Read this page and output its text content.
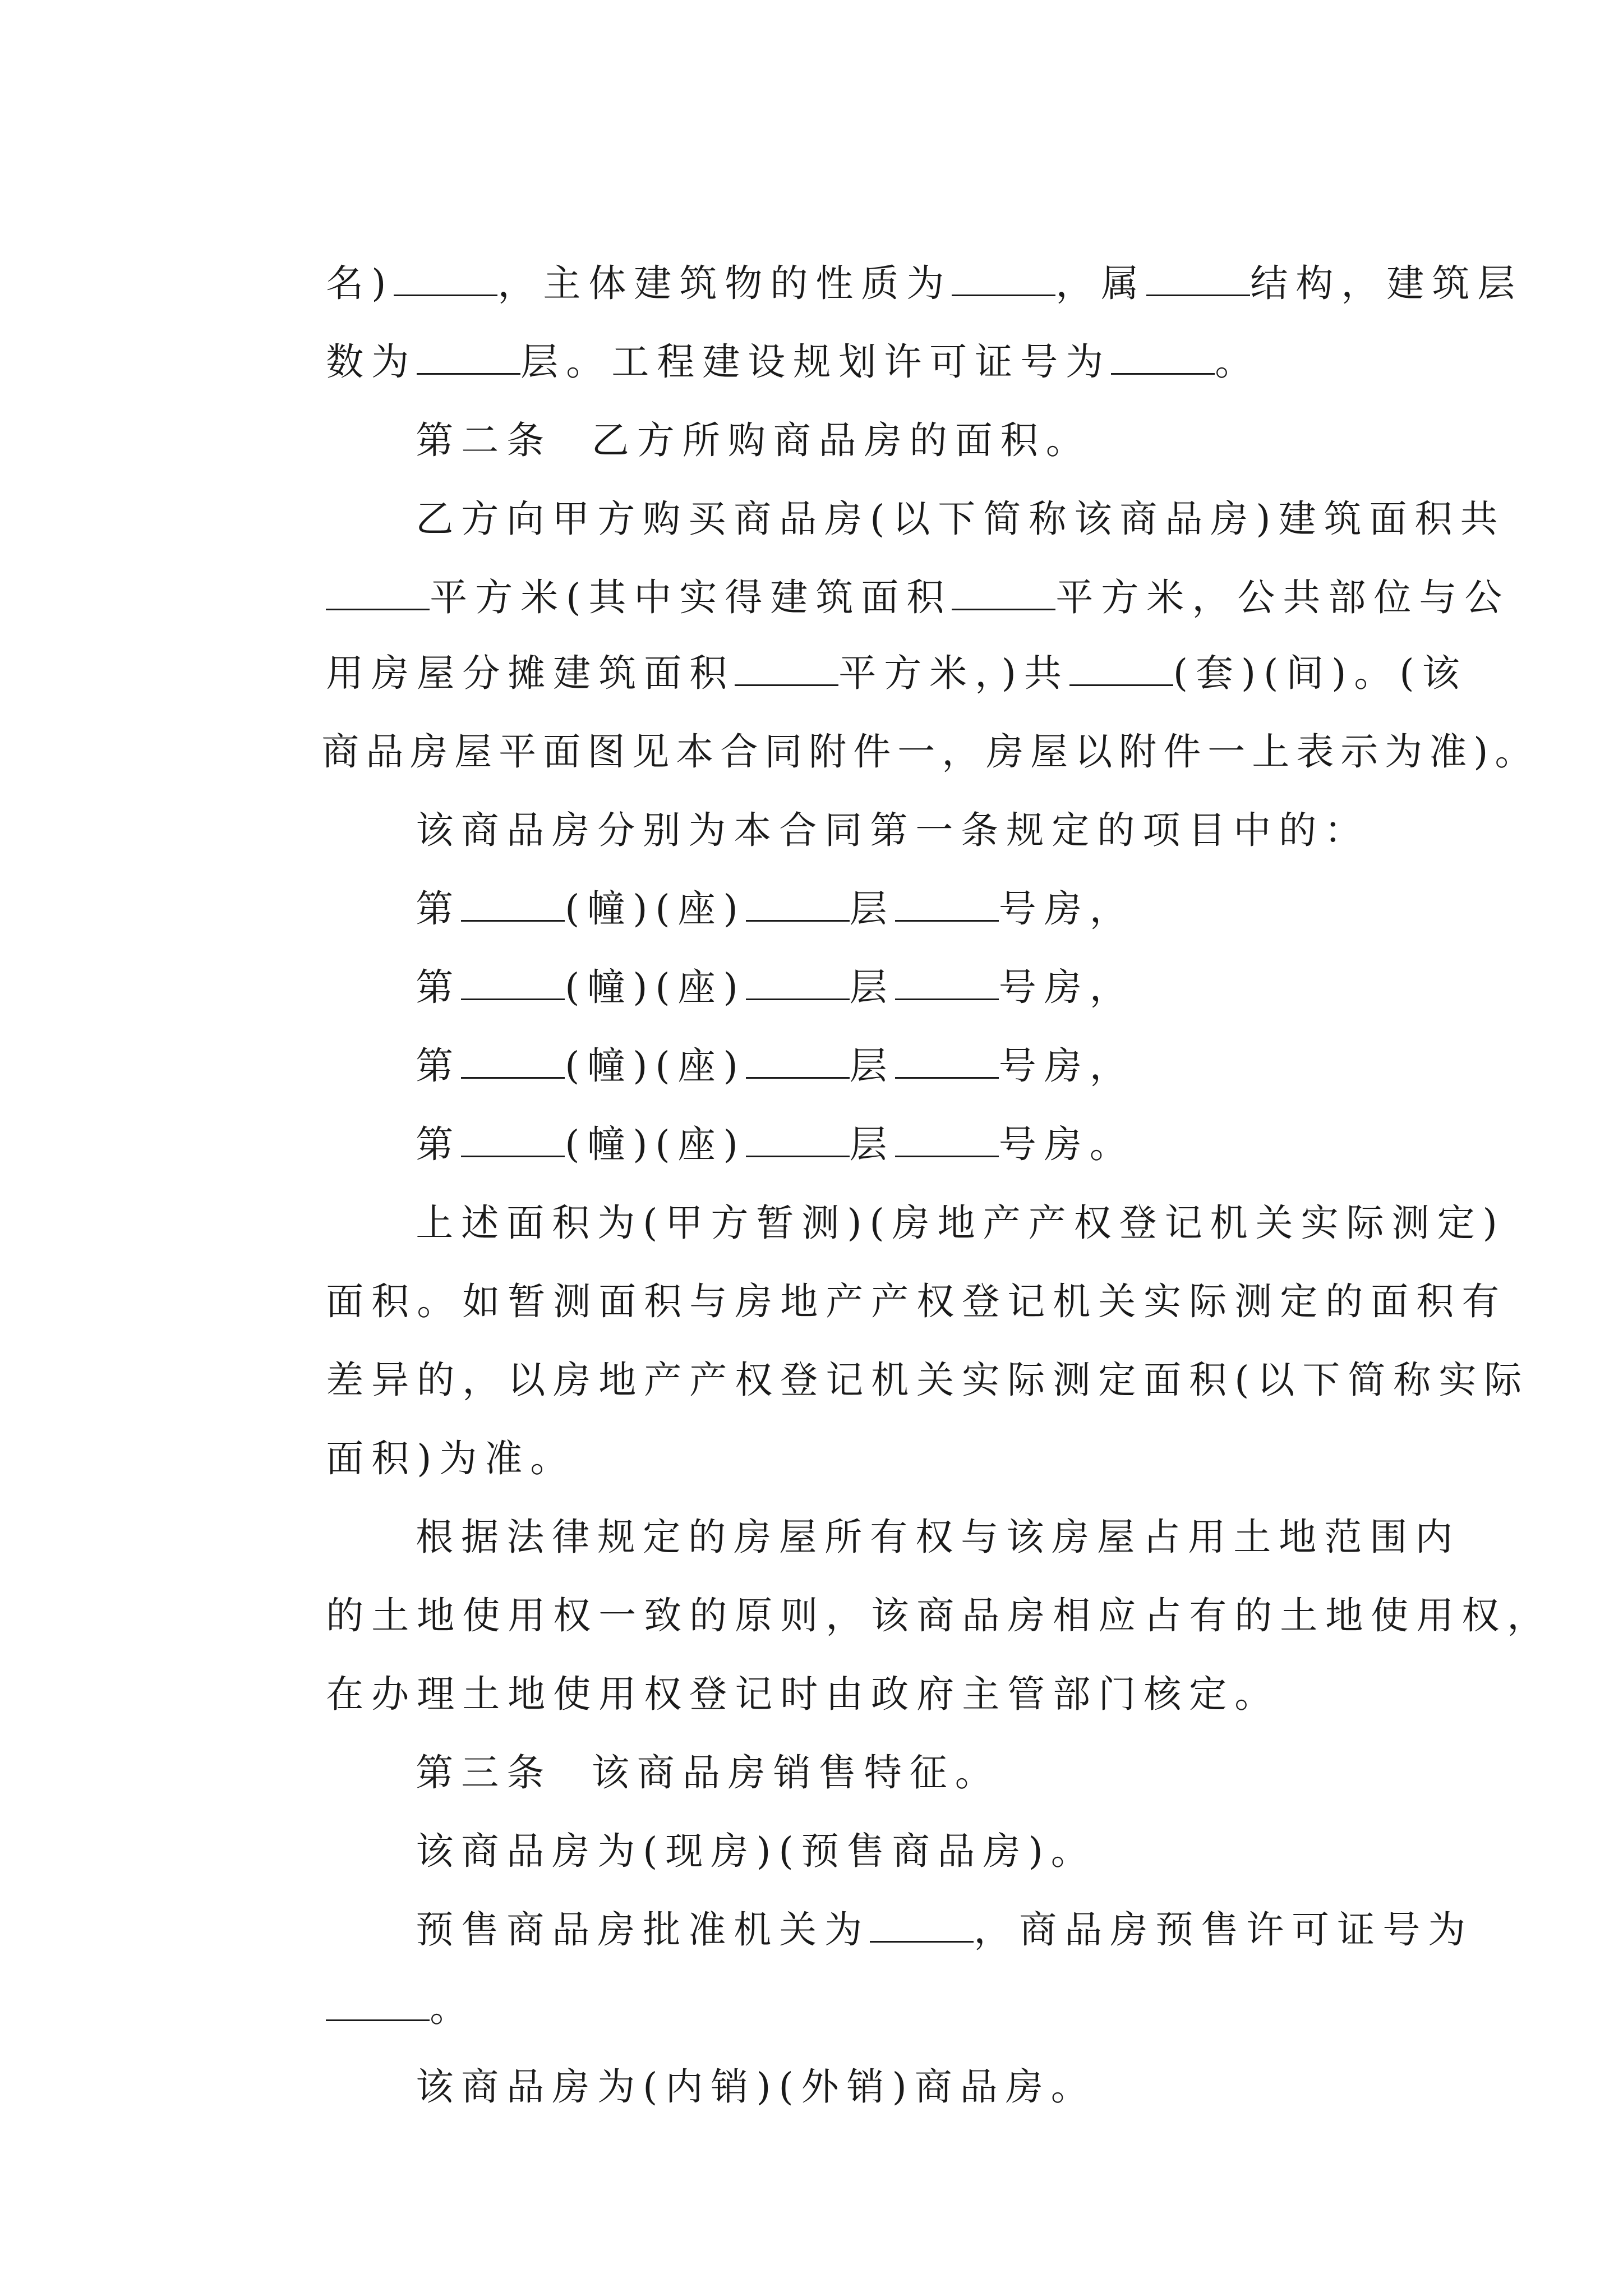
名)	，主体建筑物的性质为	，属	结构，建筑层

数为	层。工程建设规划许可证号为	。

第二条  乙方所购商品房的面积。

乙方向甲方购买商品房(以下简称该商品房)建筑面积共

平方米(其中实得建筑面积	平方米，公共部位与公

用房屋分摊建筑面积	平方米，)共	(套)(间)。(该

商品房屋平面图见本合同附件一，房屋以附件一上表示为准)。

该商品房分别为本合同第一条规定的项目中的：

第	(幢)(座)	层	号房，

第	(幢)(座)	层	号房，

第	(幢)(座)	层	号房，

第	(幢)(座)	层	号房。

上述面积为(甲方暂测)(房地产产权登记机关实际测定)

面积。如暂测面积与房地产产权登记机关实际测定的面积有

差异的，以房地产产权登记机关实际测定面积(以下简称实际

面积)为准。

根据法律规定的房屋所有权与该房屋占用土地范围内

的土地使用权一致的原则，该商品房相应占有的土地使用权，

在办理土地使用权登记时由政府主管部门核定。

第三条  该商品房销售特征。

该商品房为(现房)(预售商品房)。

预售商品房批准机关为	，商品房预售许可证号为

。

该商品房为(内销)(外销)商品房。
